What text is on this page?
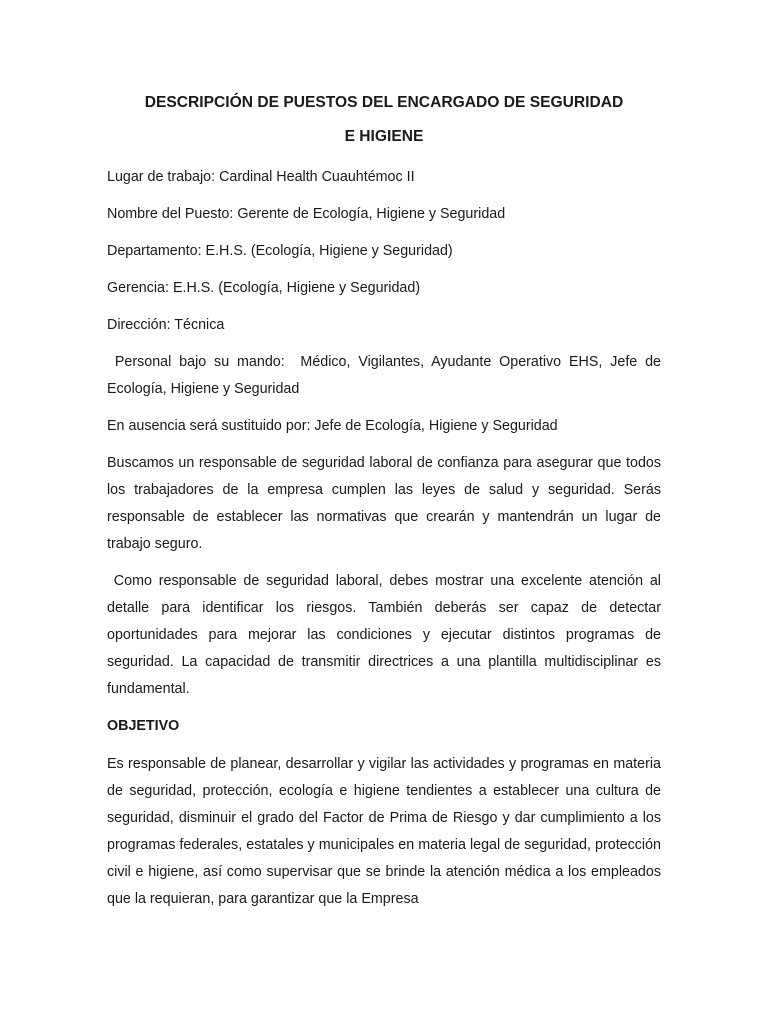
DESCRIPCIÓN DE PUESTOS DEL ENCARGADO DE SEGURIDAD
E HIGIENE

Lugar de trabajo: Cardinal Health Cuauhtémoc II

Nombre del Puesto: Gerente de Ecología, Higiene y Seguridad

Departamento: E.H.S. (Ecología, Higiene y Seguridad)

Gerencia: E.H.S. (Ecología, Higiene y Seguridad)

Dirección: Técnica

Personal bajo su mando:  Médico, Vigilantes, Ayudante Operativo EHS, Jefe de Ecología, Higiene y Seguridad

En ausencia será sustituido por: Jefe de Ecología, Higiene y Seguridad

Buscamos un responsable de seguridad laboral de confianza para asegurar que todos los trabajadores de la empresa cumplen las leyes de salud y seguridad. Serás responsable de establecer las normativas que crearán y mantendrán un lugar de trabajo seguro.

Como responsable de seguridad laboral, debes mostrar una excelente atención al detalle para identificar los riesgos. También deberás ser capaz de detectar oportunidades para mejorar las condiciones y ejecutar distintos programas de seguridad. La capacidad de transmitir directrices a una plantilla multidisciplinar es fundamental.

OBJETIVO

Es responsable de planear, desarrollar y vigilar las actividades y programas en materia de seguridad, protección, ecología e higiene tendientes a establecer una cultura de seguridad, disminuir el grado del Factor de Prima de Riesgo y dar cumplimiento a los programas federales, estatales y municipales en materia legal de seguridad, protección civil e higiene, así como supervisar que se brinde la atención médica a los empleados que la requieran, para garantizar que la Empresa
